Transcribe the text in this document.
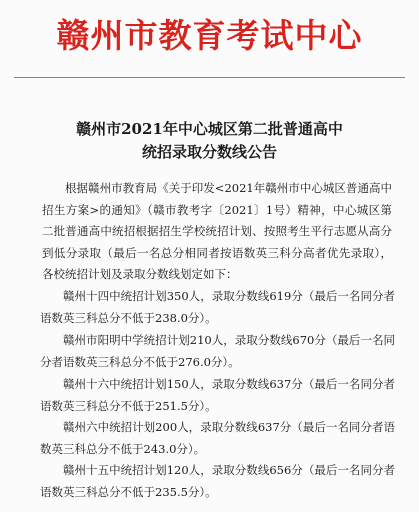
赣州市教育考试中心
赣州市2021年中心城区第二批普通高中
统招录取分数线公告

根据赣州市教育局《关于印发<2021年赣州市中心城区普通高中招生方案>的通知》（赣市教考字〔2021〕1号）精神，中心城区第二批普通高中统招根据招生学校统招计划、按照考生平行志愿从高分到低分录取（最后一名总分相同者按语数英三科分高者优先录取），各校统招计划及录取分数线划定如下：

赣州十四中统招计划350人，录取分数线619分（最后一名同分者语数英三科总分不低于238.0分）。

赣州市阳明中学统招计划210人，录取分数线670分（最后一名同分者语数英三科总分不低于276.0分）。

赣州十六中统招计划150人，录取分数线637分（最后一名同分者语数英三科总分不低于251.5分）。

赣州六中统招计划200人，录取分数线637分（最后一名同分者语数英三科总分不低于243.0分）。

赣州十五中统招计划120人，录取分数线656分（最后一名同分者语数英三科总分不低于235.5分）。
